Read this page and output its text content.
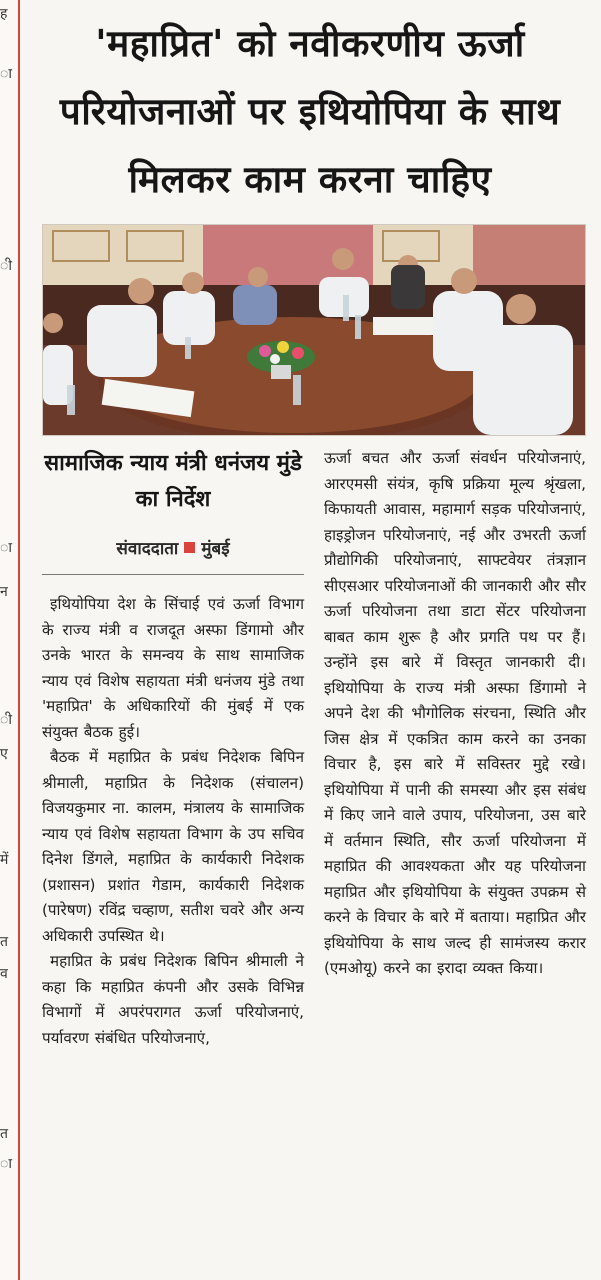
ह
ा
ी
ा
न
ी
ए
में
त
व
त
ा
'महाप्रित' को नवीकरणीय ऊर्जा
परियोजनाओं पर इथियोपिया के साथ
मिलकर काम करना चाहिए
सामाजिक न्याय मंत्री धनंजय मुंडे का निर्देश
संवाददाता मुंबई

इथियोपिया देश के सिंचाई एवं ऊर्जा विभाग के राज्य मंत्री व राजदूत अस्फा डिंगामो और उनके भारत के समन्वय के साथ सामाजिक न्याय एवं विशेष सहायता मंत्री धनंजय मुंडे तथा 'महाप्रित' के अधिकारियों की मुंबई में एक संयुक्त बैठक हुई।

बैठक में महाप्रित के प्रबंध निदेशक बिपिन श्रीमाली, महाप्रित के निदेशक (संचालन) विजयकुमार ना. कालम, मंत्रालय के सामाजिक न्याय एवं विशेष सहायता विभाग के उप सचिव दिनेश डिंगले, महाप्रित के कार्यकारी निदेशक (प्रशासन) प्रशांत गेडाम, कार्यकारी निदेशक (पारेषण) रविंद्र चव्हाण, सतीश चवरे और अन्य अधिकारी उपस्थित थे।

महाप्रित के प्रबंध निदेशक बिपिन श्रीमाली ने कहा कि महाप्रित कंपनी और उसके विभिन्न विभागों में अपरंपरागत ऊर्जा परियोजनाएं, पर्यावरण संबंधित परियोजनाएं,

ऊर्जा बचत और ऊर्जा संवर्धन परियोजनाएं, आरएमसी संयंत्र, कृषि प्रक्रिया मूल्य श्रृंखला, किफायती आवास, महामार्ग सड़क परियोजनाएं, हाइड्रोजन परियोजनाएं, नई और उभरती ऊर्जा प्रौद्योगिकी परियोजनाएं, साफ्टवेयर तंत्रज्ञान सीएसआर परियोजनाओं की जानकारी और सौर ऊर्जा परियोजना तथा डाटा सेंटर परियोजना बाबत काम शुरू है और प्रगति पथ पर हैं। उन्होंने इस बारे में विस्तृत जानकारी दी। इथियोपिया के राज्य मंत्री अस्फा डिंगामो ने अपने देश की भौगोलिक संरचना, स्थिति और जिस क्षेत्र में एकत्रित काम करने का उनका विचार है, इस बारे में सविस्तर मुद्दे रखे। इथियोपिया में पानी की समस्या और इस संबंध में किए जाने वाले उपाय, परियोजना, उस बारे में वर्तमान स्थिति, सौर ऊर्जा परियोजना में महाप्रित की आवश्यकता और यह परियोजना महाप्रित और इथियोपिया के संयुक्त उपक्रम से करने के विचार के बारे में बताया। महाप्रित और इथियोपिया के साथ जल्द ही सामंजस्य करार (एमओयू) करने का इरादा व्यक्त किया।
